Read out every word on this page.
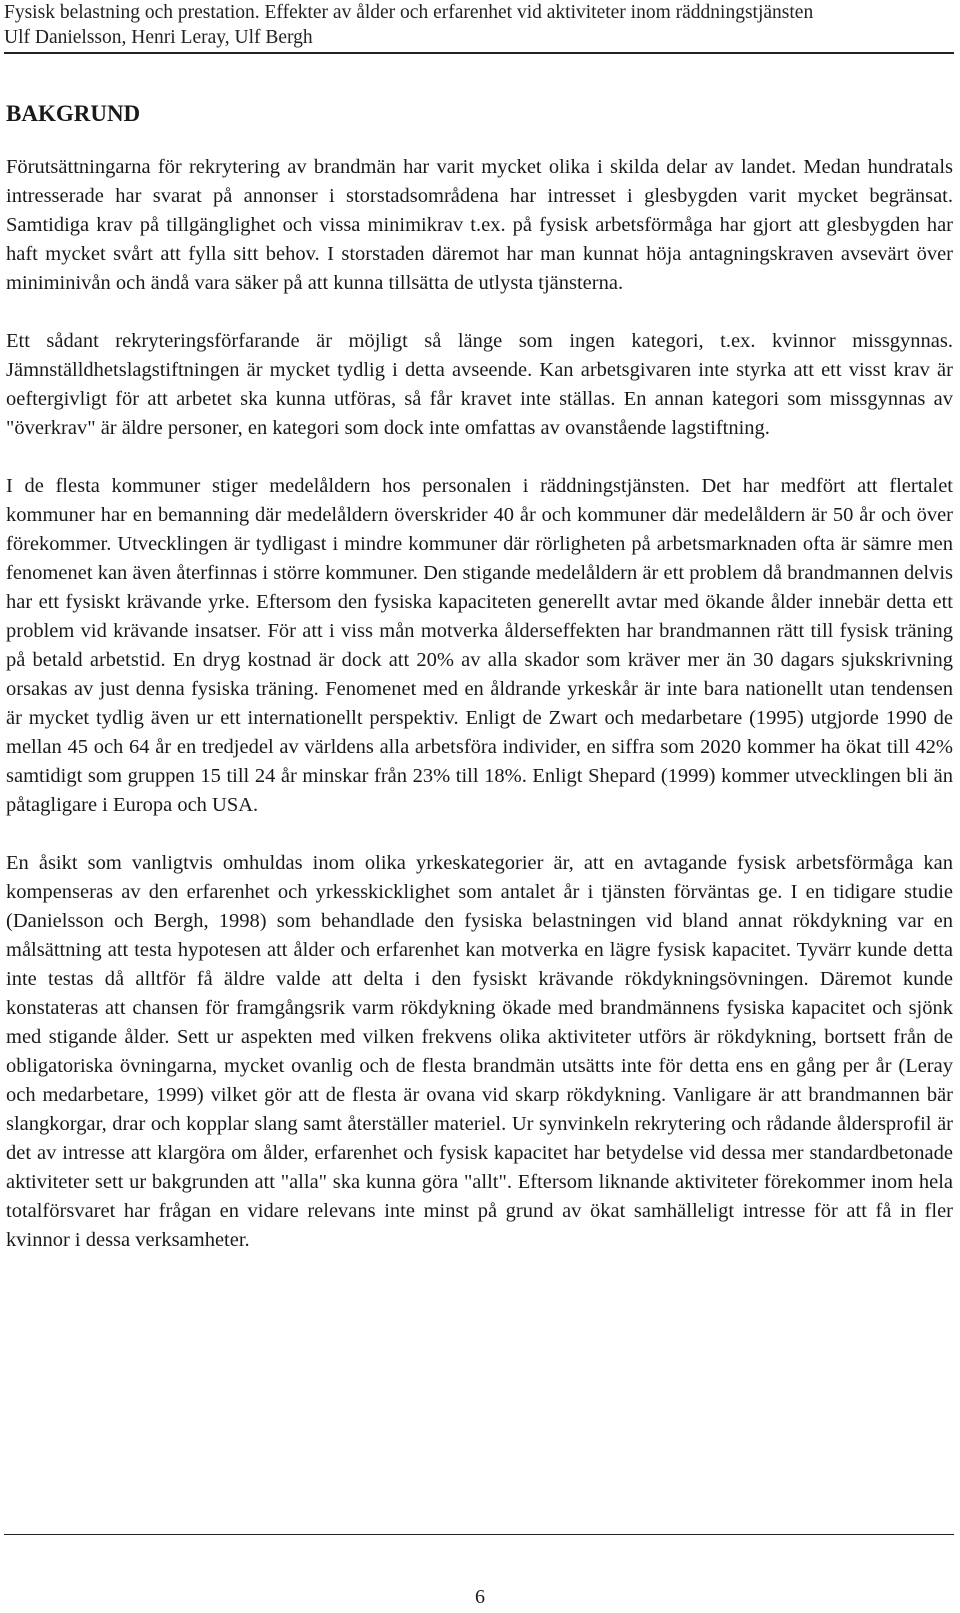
Fysisk belastning och prestation. Effekter av ålder och erfarenhet vid aktiviteter inom räddningstjänsten
Ulf Danielsson, Henri Leray, Ulf Bergh
BAKGRUND

Förutsättningarna för rekrytering av brandmän har varit mycket olika i skilda delar av landet. Medan hundratals intresserade har svarat på annonser i storstadsområdena har intresset i glesbygden varit mycket begränsat. Samtidiga krav på tillgänglighet och vissa minimikrav t.ex. på fysisk arbetsförmåga har gjort att glesbygden har haft mycket svårt att fylla sitt behov. I storstaden däremot har man kunnat höja antagningskraven avsevärt över miniminivån och ändå vara säker på att kunna tillsätta de utlysta tjänsterna.

Ett sådant rekryteringsförfarande är möjligt så länge som ingen kategori, t.ex. kvinnor missgynnas. Jämnställdhetslagstiftningen är mycket tydlig i detta avseende. Kan arbetsgivaren inte styrka att ett visst krav är oeftergivligt för att arbetet ska kunna utföras, så får kravet inte ställas. En annan kategori som missgynnas av "överkrav" är äldre personer, en kategori som dock inte omfattas av ovanstående lagstiftning.

I de flesta kommuner stiger medelåldern hos personalen i räddningstjänsten. Det har medfört att flertalet kommuner har en bemanning där medelåldern överskrider 40 år och kommuner där medelåldern är 50 år och över förekommer. Utvecklingen är tydligast i mindre kommuner där rörligheten på arbetsmarknaden ofta är sämre men fenomenet kan även återfinnas i större kommuner. Den stigande medelåldern är ett problem då brandmannen delvis har ett fysiskt krävande yrke. Eftersom den fysiska kapaciteten generellt avtar med ökande ålder innebär detta ett problem vid krävande insatser. För att i viss mån motverka ålderseffekten har brandmannen rätt till fysisk träning på betald arbetstid. En dryg kostnad är dock att 20% av alla skador som kräver mer än 30 dagars sjukskrivning orsakas av just denna fysiska träning. Fenomenet med en åldrande yrkeskår är inte bara nationellt utan tendensen är mycket tydlig även ur ett internationellt perspektiv. Enligt de Zwart och medarbetare (1995) utgjorde 1990 de mellan 45 och 64 år en tredjedel av världens alla arbetsföra individer, en siffra som 2020 kommer ha ökat till 42% samtidigt som gruppen 15 till 24 år minskar från 23% till 18%. Enligt Shepard (1999) kommer utvecklingen bli än påtagligare i Europa och USA.

En åsikt som vanligtvis omhuldas inom olika yrkeskategorier är, att en avtagande fysisk arbetsförmåga kan kompenseras av den erfarenhet och yrkesskicklighet som antalet år i tjänsten förväntas ge. I en tidigare studie (Danielsson och Bergh, 1998) som behandlade den fysiska belastningen vid bland annat rökdykning var en målsättning att testa hypotesen att ålder och erfarenhet kan motverka en lägre fysisk kapacitet. Tyvärr kunde detta inte testas då alltför få äldre valde att delta i den fysiskt krävande rökdykningsövningen. Däremot kunde konstateras att chansen för framgångsrik varm rökdykning ökade med brandmännens fysiska kapacitet och sjönk med stigande ålder. Sett ur aspekten med vilken frekvens olika aktiviteter utförs är rökdykning, bortsett från de obligatoriska övningarna, mycket ovanlig och de flesta brandmän utsätts inte för detta ens en gång per år (Leray och medarbetare, 1999) vilket gör att de flesta är ovana vid skarp rökdykning. Vanligare är att brandmannen bär slangkorgar, drar och kopplar slang samt återställer materiel. Ur synvinkeln rekrytering och rådande åldersprofil är det av intresse att klargöra om ålder, erfarenhet och fysisk kapacitet har betydelse vid dessa mer standardbetonade aktiviteter sett ur bakgrunden att "alla" ska kunna göra "allt". Eftersom liknande aktiviteter förekommer inom hela totalförsvaret har frågan en vidare relevans inte minst på grund av ökat samhälleligt intresse för att få in fler kvinnor i dessa verksamheter.

6
